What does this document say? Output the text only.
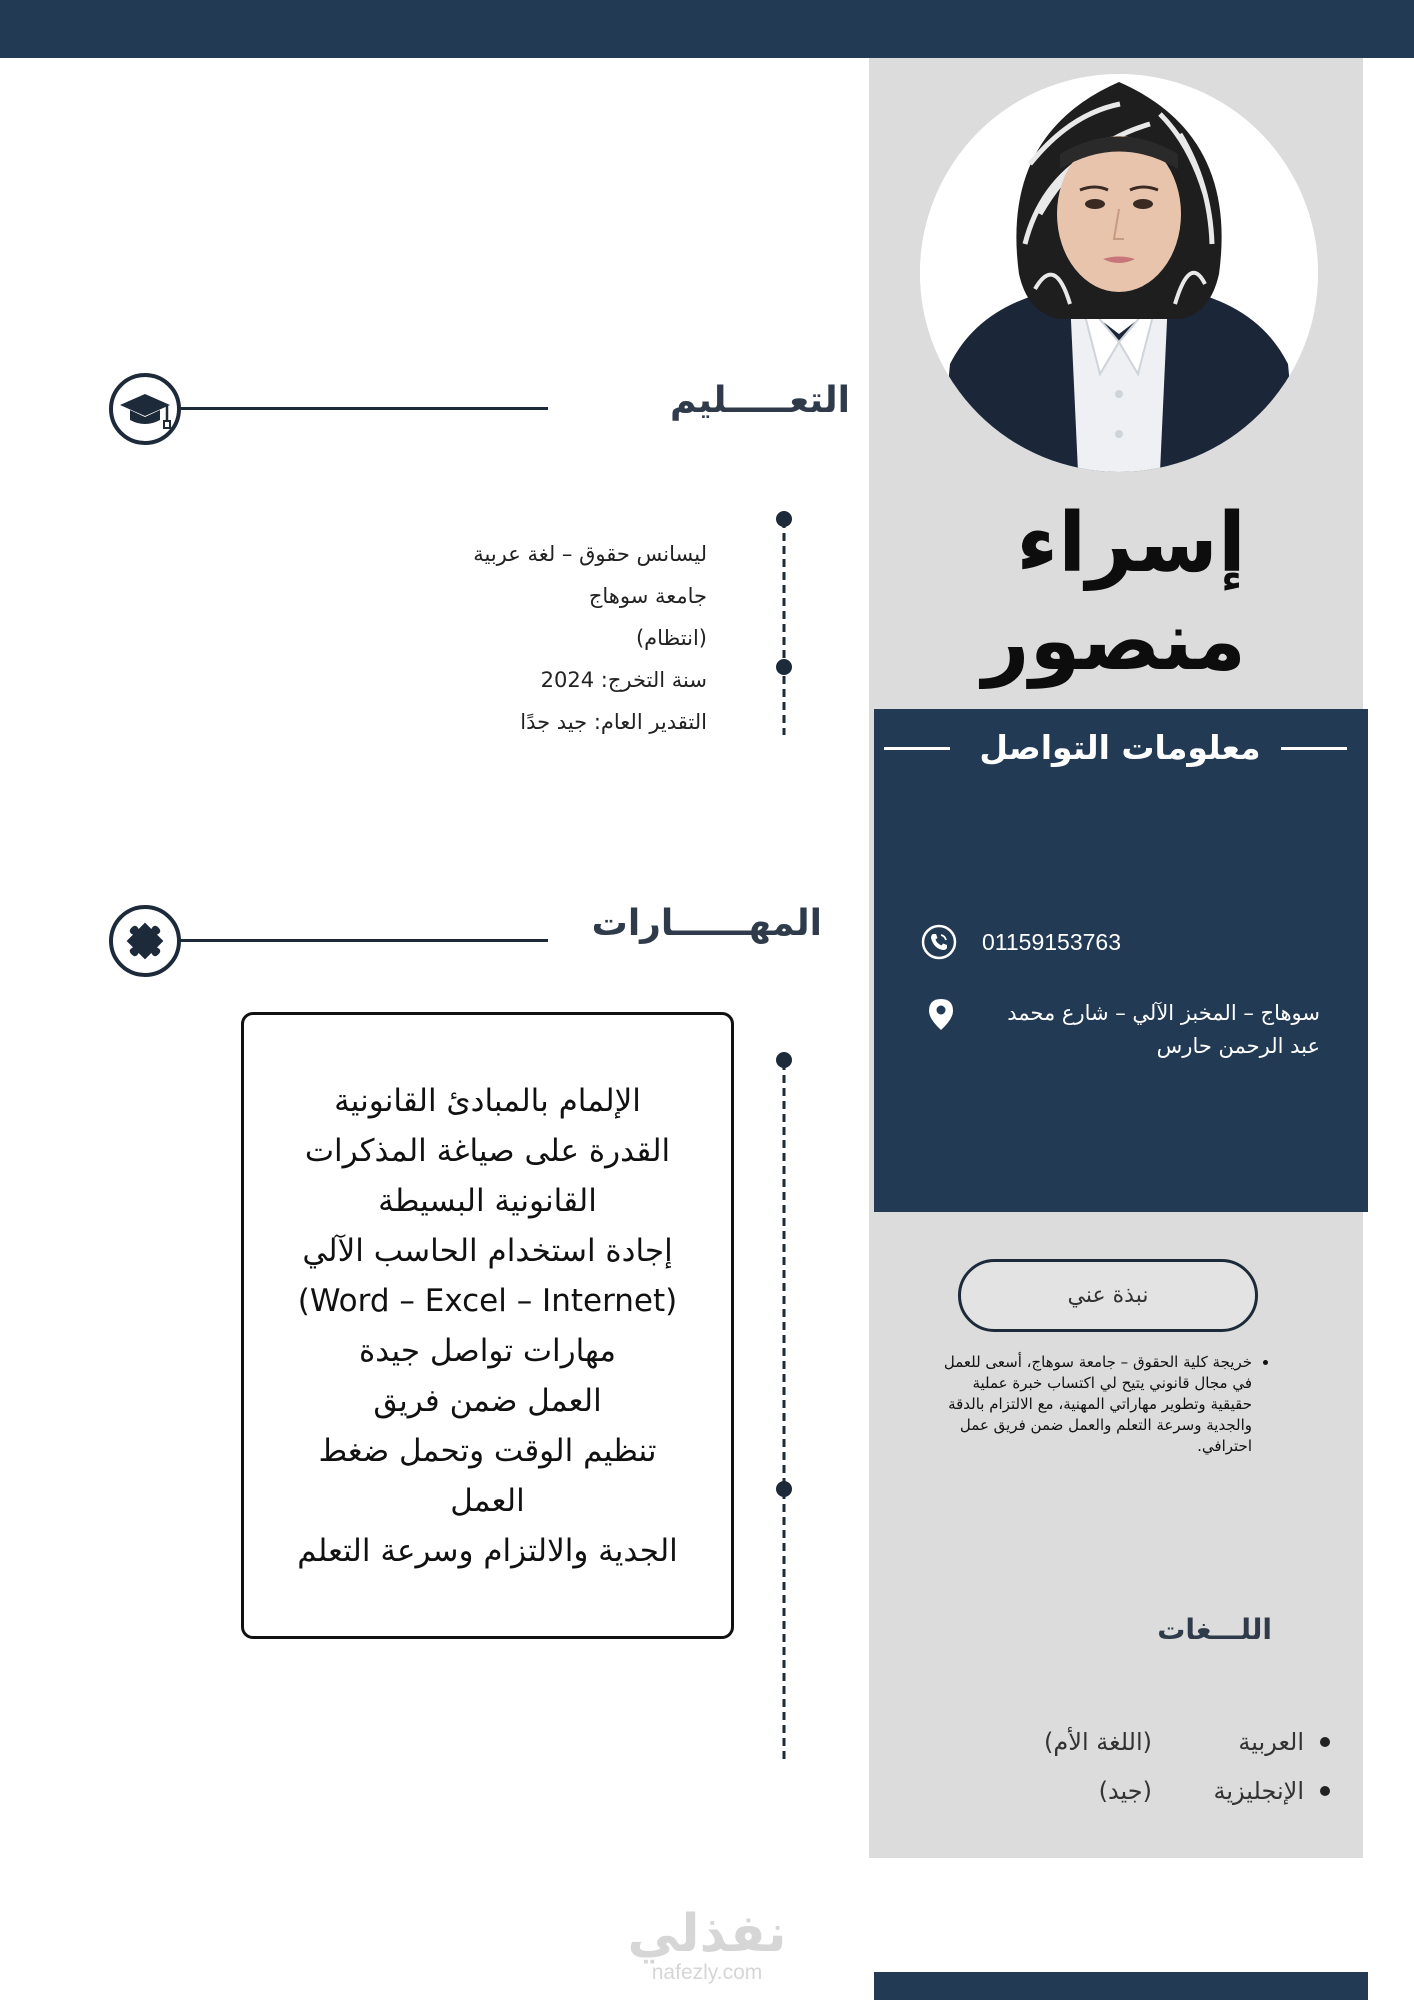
إسراء
منصور
معلومات التواصل
01159153763
سوهاج – المخبز الآلي – شارع محمد عبد الرحمن حارس
نبذة عني
• خريجة كلية الحقوق – جامعة سوهاج، أسعى للعمل في مجال قانوني يتيح لي اكتساب خبرة عملية حقيقية وتطوير مهاراتي المهنية، مع الالتزام بالدقة والجدية وسرعة التعلم والعمل ضمن فريق عمل احترافي.
اللـــغات
العربية
(اللغة الأم)
الإنجليزية
(جيد)
التعـــــليم
ليسانس حقوق – لغة عربية
جامعة سوهاج
(انتظام)
سنة التخرج: 2024
التقدير العام: جيد جدًا
المهــــــارات
الإلمام بالمبادئ القانونية
القدرة على صياغة المذكرات
القانونية البسيطة
إجادة استخدام الحاسب الآلي
(Word – Excel – Internet)
مهارات تواصل جيدة
العمل ضمن فريق
تنظيم الوقت وتحمل ضغط
العمل
الجدية والالتزام وسرعة التعلم
نفذلي
nafezly.com
